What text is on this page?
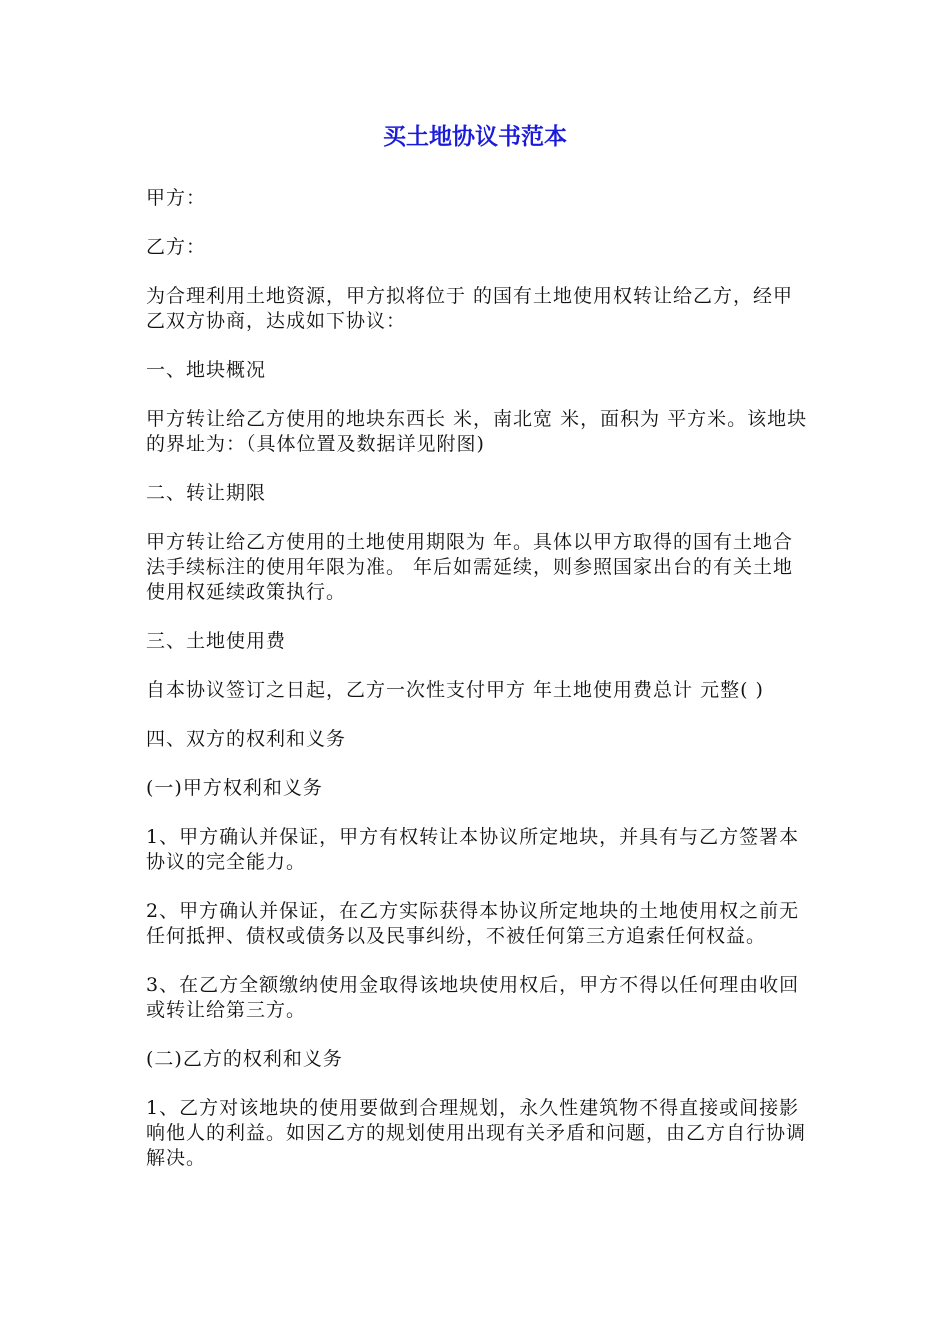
买土地协议书范本

甲方：

乙方：

为合理利用土地资源，甲方拟将位于 的国有土地使用权转让给乙方，经甲乙双方协商，达成如下协议：

一、地块概况

甲方转让给乙方使用的地块东西长 米，南北宽 米，面积为 平方米。该地块的界址为：（具体位置及数据详见附图)

二、转让期限

甲方转让给乙方使用的土地使用期限为 年。具体以甲方取得的国有土地合法手续标注的使用年限为准。 年后如需延续，则参照国家出台的有关土地使用权延续政策执行。

三、土地使用费

自本协议签订之日起，乙方一次性支付甲方 年土地使用费总计 元整( )

四、双方的权利和义务

(一)甲方权利和义务

1、甲方确认并保证，甲方有权转让本协议所定地块，并具有与乙方签署本协议的完全能力。

2、甲方确认并保证，在乙方实际获得本协议所定地块的土地使用权之前无任何抵押、债权或债务以及民事纠纷，不被任何第三方追索任何权益。

3、在乙方全额缴纳使用金取得该地块使用权后，甲方不得以任何理由收回或转让给第三方。

(二)乙方的权利和义务

1、乙方对该地块的使用要做到合理规划，永久性建筑物不得直接或间接影响他人的利益。如因乙方的规划使用出现有关矛盾和问题，由乙方自行协调解决。
